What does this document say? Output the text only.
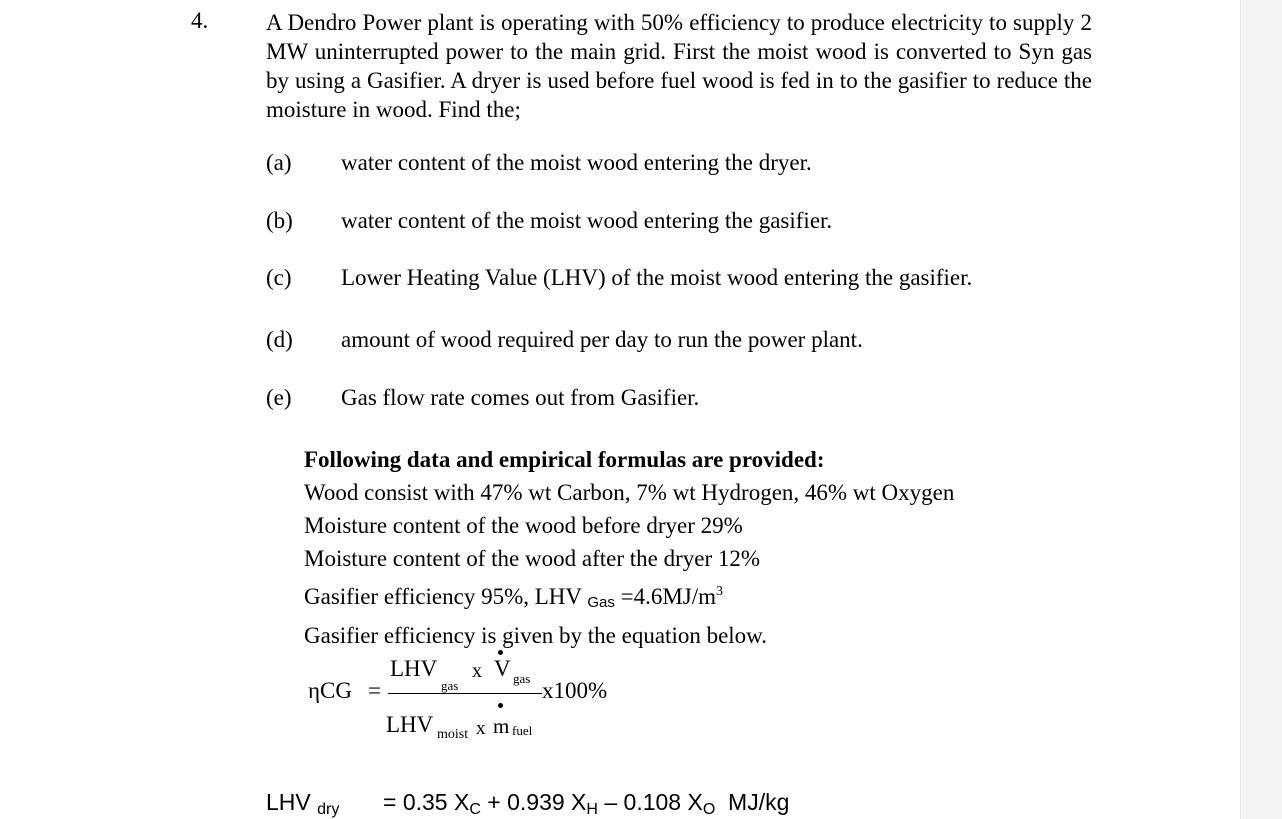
4.	A Dendro Power plant is operating with 50% efficiency to produce electricity to supply 2 MW uninterrupted power to the main grid. First the moist wood is converted to Syn gas by using a Gasifier. A dryer is used before fuel wood is fed in to the gasifier to reduce the moisture in wood. Find the;
(a) water content of the moist wood entering the dryer.
(b) water content of the moist wood entering the gasifier.
(c) Lower Heating Value (LHV) of the moist wood entering the gasifier.
(d) amount of wood required per day to run the power plant.
(e) Gas flow rate comes out from Gasifier.
Following data and empirical formulas are provided:
Wood consist with 47% wt Carbon, 7% wt Hydrogen, 46% wt Oxygen
Moisture content of the wood before dryer 29%
Moisture content of the wood after the dryer 12%
Gasifier efficiency 95%, LHV Gas $=4.6MJ/m^3$
Gasifier efficiency is given by the equation below.
ηCG =
LHV
gas
x V gas x100%
LHV moist x m fuel
LHV dry = 0.35 XC + 0.939 XH – 0.108 XO  MJ/kg
